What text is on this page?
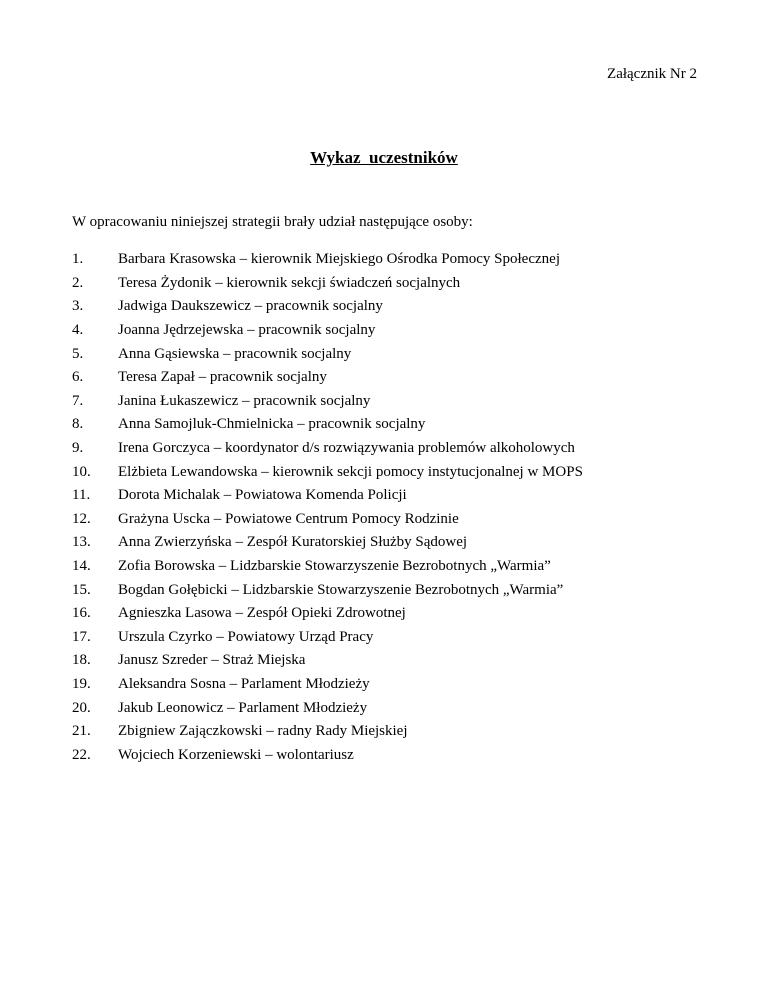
Załącznik Nr 2
Wykaz  uczestników
W opracowaniu niniejszej strategii brały udział następujące osoby:
1.	Barbara Krasowska – kierownik Miejskiego Ośrodka Pomocy Społecznej
2.	Teresa Żydonik – kierownik sekcji świadczeń socjalnych
3.	Jadwiga Daukszewicz – pracownik socjalny
4.	Joanna Jędrzejewska – pracownik socjalny
5.	Anna Gąsiewska – pracownik socjalny
6.	Teresa Zapał – pracownik socjalny
7.	Janina Łukaszewicz – pracownik socjalny
8.	Anna Samojluk-Chmielnicka – pracownik socjalny
9.	Irena Gorczyca – koordynator d/s rozwiązywania problemów alkoholowych
10.	Elżbieta Lewandowska – kierownik sekcji pomocy instytucjonalnej w MOPS
11.	Dorota Michalak – Powiatowa Komenda Policji
12.	Grażyna Uscka – Powiatowe Centrum Pomocy Rodzinie
13.	Anna Zwierzyńska – Zespół Kuratorskiej Służby Sądowej
14.	Zofia Borowska – Lidzbarskie Stowarzyszenie Bezrobotnych „Warmia”
15.	Bogdan Gołębicki – Lidzbarskie Stowarzyszenie Bezrobotnych „Warmia”
16.	Agnieszka Lasowa – Zespół Opieki Zdrowotnej
17.	Urszula Czyrko – Powiatowy Urząd Pracy
18.	Janusz Szreder – Straż Miejska
19.	Aleksandra Sosna – Parlament Młodzieży
20.	Jakub Leonowicz – Parlament Młodzieży
21.	Zbigniew Zajączkowski – radny Rady Miejskiej
22.	Wojciech Korzeniewski – wolontariusz
